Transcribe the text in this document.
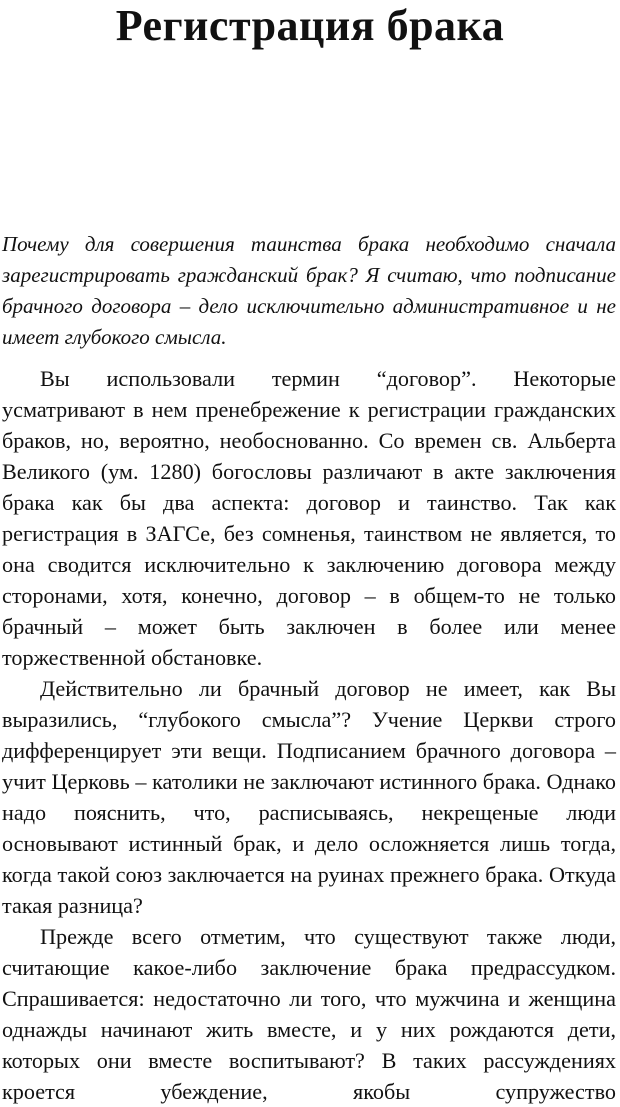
Регистрация брака

Почему для совершения таинства брака необходимо сначала зарегистрировать гражданский брак? Я считаю, что подписание брачного договора – дело исключительно административное и не имеет глубокого смысла.

Вы использовали термин “договор”. Некоторые усматривают в нем пренебрежение к регистрации гражданских браков, но, вероятно, необоснованно. Со времен св. Альберта Великого (ум. 1280) богословы различают в акте заключения брака как бы два аспекта: договор и таинство. Так как регистрация в ЗАГСе, без сомненья, таинством не является, то она сводится исключительно к заключению договора между сторонами, хотя, конечно, договор – в общем-то не только брачный – может быть заключен в более или менее торжественной обстановке.

Действительно ли брачный договор не имеет, как Вы выразились, “глубокого смысла”? Учение Церкви строго дифференцирует эти вещи. Подписанием брачного договора – учит Церковь – католики не заключают истинного брака. Однако надо пояснить, что, расписываясь, некрещеные люди основывают истинный брак, и дело осложняется лишь тогда, когда такой союз заключается на руинах прежнего брака. Откуда такая разница?

Прежде всего отметим, что существуют также люди, считающие какое-либо заключение брака предрассудком. Спрашивается: недостаточно ли того, что мужчина и женщина однажды начинают жить вместе, и у них рождаются дети, которых они вместе воспитывают? В таких рассуждениях кроется убеждение, якобы супружество
